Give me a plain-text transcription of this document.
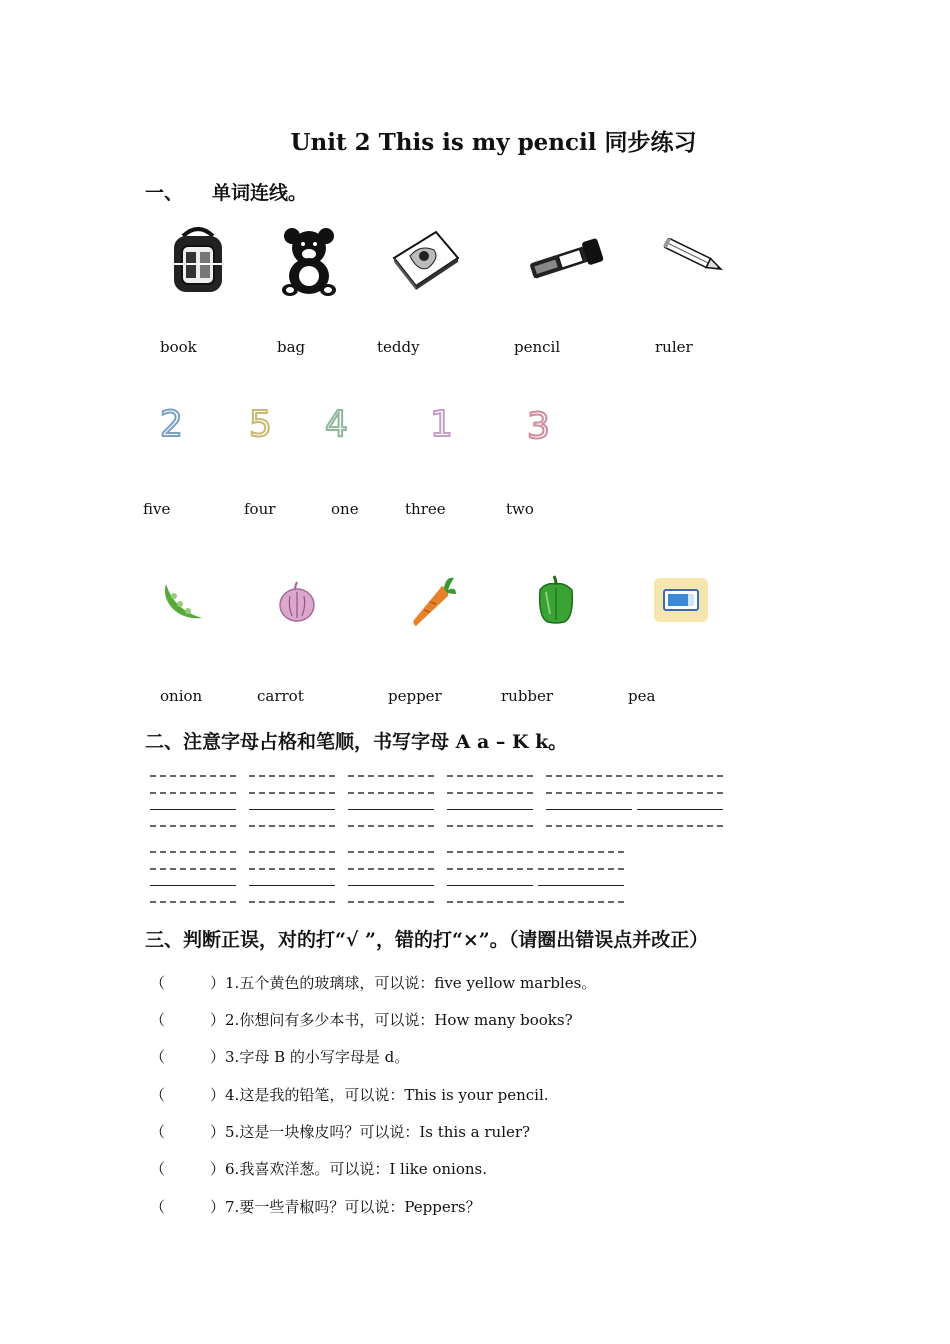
Unit 2 This is my pencil 同步练习
一、 单词连线。
book	bag	teddy	pencil	ruler
2 5 4 1 3
five	four	one	three	two
onion	carrot	pepper	rubber	pea
二、注意字母占格和笔顺，书写字母 A a – K k。
三、判断正误，对的打“√ ”，错的打“×”。（请圈出错误点并改正）
（	）1.五个黄色的玻璃球，可以说：five yellow marbles。
（	）2.你想问有多少本书，可以说：How many books?
（	）3.字母 B 的小写字母是 d。
（	）4.这是我的铅笔，可以说：This is your pencil.
（	）5.这是一块橡皮吗？可以说：Is this a ruler?
（	）6.我喜欢洋葱。可以说：I like onions.
（	）7.要一些青椒吗？可以说：Peppers？
